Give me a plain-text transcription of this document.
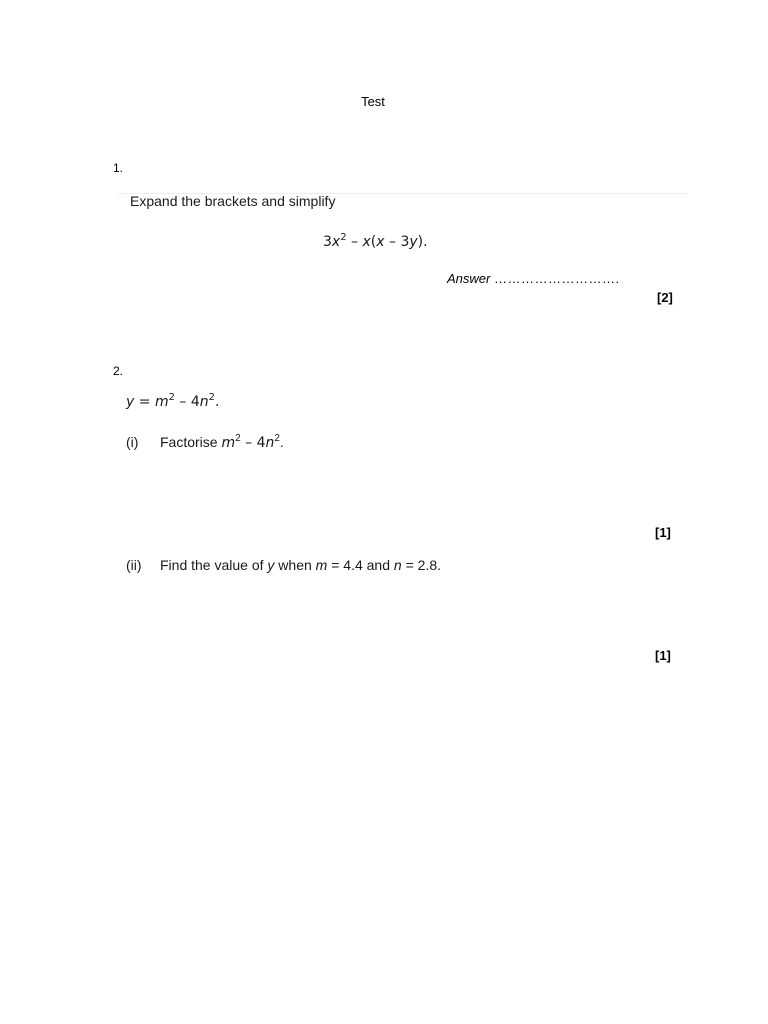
Test
1.
Expand the brackets and simplify
$3x^2 - x(x - 3y)$.
Answer ……………………….
[2]
2.
$y = m^2 - 4n^2$.
(i) Factorise $m^2 - 4n^2$.
[1]
(ii) Find the value of y when m = 4.4 and n = 2.8.
[1]
